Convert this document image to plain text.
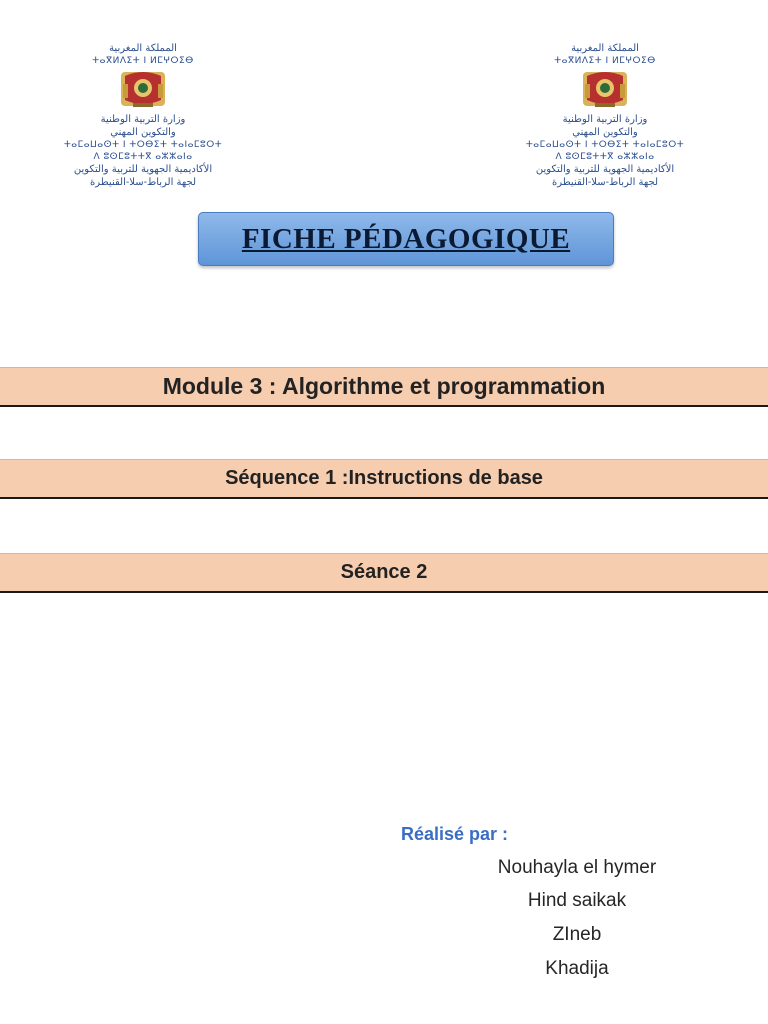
المملكة المغربية
ⵜⴰⴳⵍⴷⵉⵜ ⵏ ⵍⵎⵖⵔⵉⴱ
وزارة التربية الوطنية
والتكوين المهني
ⵜⴰⵎⴰⵡⴰⵙⵜ ⵏ ⵜⵔⴱⵉⵜ ⵜⴰⵏⴰⵎⵓⵔⵜ
ⴷ ⵓⵙⵎⵓⵜⵜⴳ ⴰⵣⵣⴰⵏⴰ
الأكاديمية الجهوية للتربية والتكوين
لجهة الرباط-سلا-القنيطرة
المملكة المغربية
ⵜⴰⴳⵍⴷⵉⵜ ⵏ ⵍⵎⵖⵔⵉⴱ
وزارة التربية الوطنية
والتكوين المهني
ⵜⴰⵎⴰⵡⴰⵙⵜ ⵏ ⵜⵔⴱⵉⵜ ⵜⴰⵏⴰⵎⵓⵔⵜ
ⴷ ⵓⵙⵎⵓⵜⵜⴳ ⴰⵣⵣⴰⵏⴰ
الأكاديمية الجهوية للتربية والتكوين
لجهة الرباط-سلا-القنيطرة
FICHE PÉDAGOGIQUE
Module 3 : Algorithme et programmation
Séquence 1 :Instructions de base
Séance 2
Réalisé par :
Nouhayla el hymer
Hind saikak
ZIneb
Khadija
